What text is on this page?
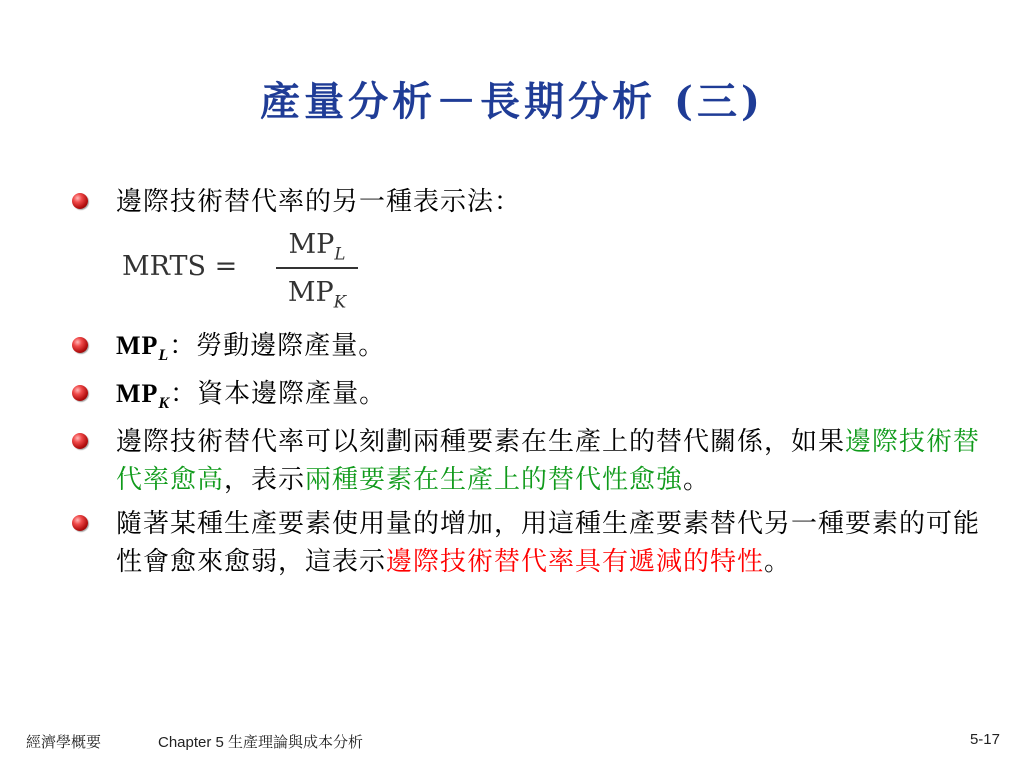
產量分析－長期分析 (三)
邊際技術替代率的另一種表示法：
MRTS =
$MP_L$
$MP_K$
$MP_L$：勞動邊際產量。
$MP_K$：資本邊際產量。
邊際技術替代率可以刻劃兩種要素在生產上的替代關係，如果邊際技術替代率愈高，表示兩種要素在生產上的替代性愈強。
隨著某種生產要素使用量的增加，用這種生產要素替代另一種要素的可能性會愈來愈弱，這表示邊際技術替代率具有遞減的特性。
經濟學概要	Chapter 5 生產理論與成本分析	5-17
